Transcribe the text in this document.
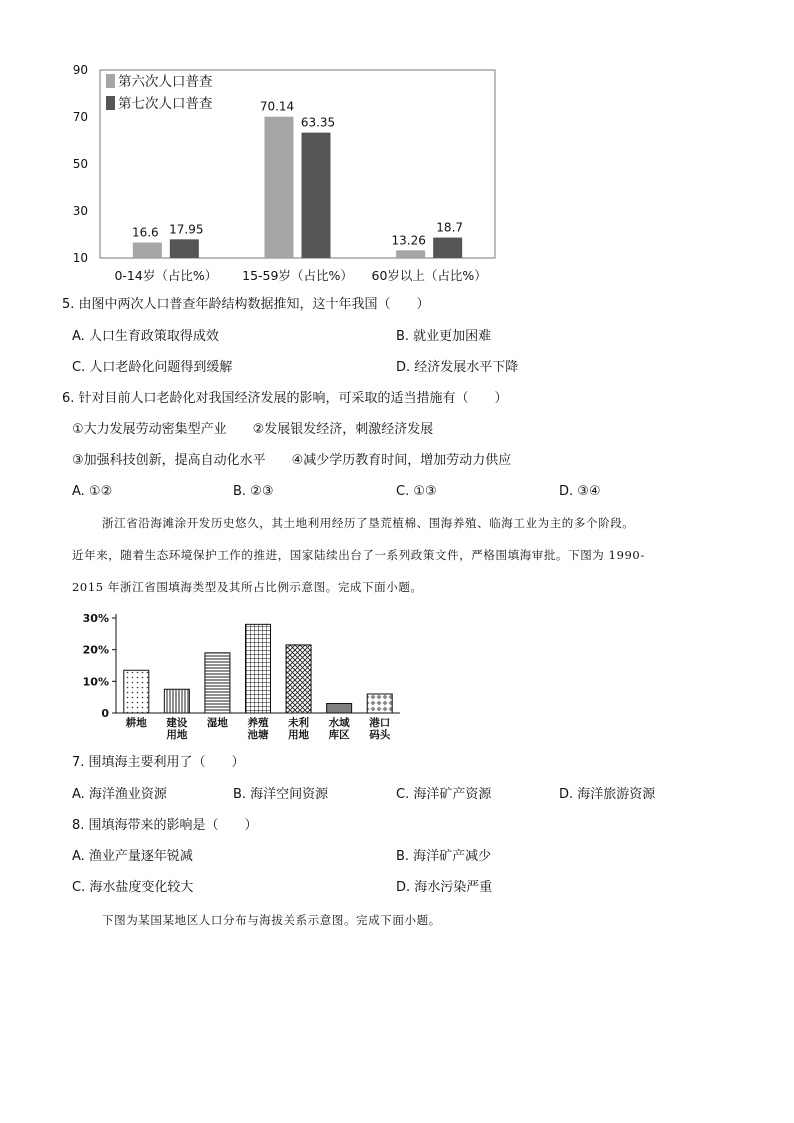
90
70
50
30
10
16.6 17.95
0-14岁（占比%）
70.14
63.35
15-59岁（占比%）
13.26
18.7
60岁以上（占比%）
第六次人口普查
第七次人口普查
5. 由图中两次人口普查年龄结构数据推知，这十年我国（　　）
A. 人口生育政策取得成效	B. 就业更加困难
C. 人口老龄化问题得到缓解	D. 经济发展水平下降
6. 针对目前人口老龄化对我国经济发展的影响，可采取的适当措施有（　　）
①大力发展劳动密集型产业　　②发展银发经济，刺激经济发展
③加强科技创新，提高自动化水平　　④减少学历教育时间，增加劳动力供应
A. ①②	B. ②③	C. ①③	D. ③④
浙江省沿海滩涂开发历史悠久，其土地利用经历了垦荒植棉、围海养殖、临海工业为主的多个阶段。
近年来，随着生态环境保护工作的推进，国家陆续出台了一系列政策文件，严格围填海审批。下图为 1990-
2015 年浙江省围填海类型及其所占比例示意图。完成下面小题。
30%
20%
10%
0
耕地 建设
用地
湿地 养殖
池塘
未利
用地
水域
库区
港口
码头
7. 围填海主要利用了（　　）
A. 海洋渔业资源	B. 海洋空间资源	C. 海洋矿产资源	D. 海洋旅游资源
8. 围填海带来的影响是（　　）
A. 渔业产量逐年锐减	B. 海洋矿产减少
C. 海水盐度变化较大	D. 海水污染严重
下图为某国某地区人口分布与海拔关系示意图。完成下面小题。
